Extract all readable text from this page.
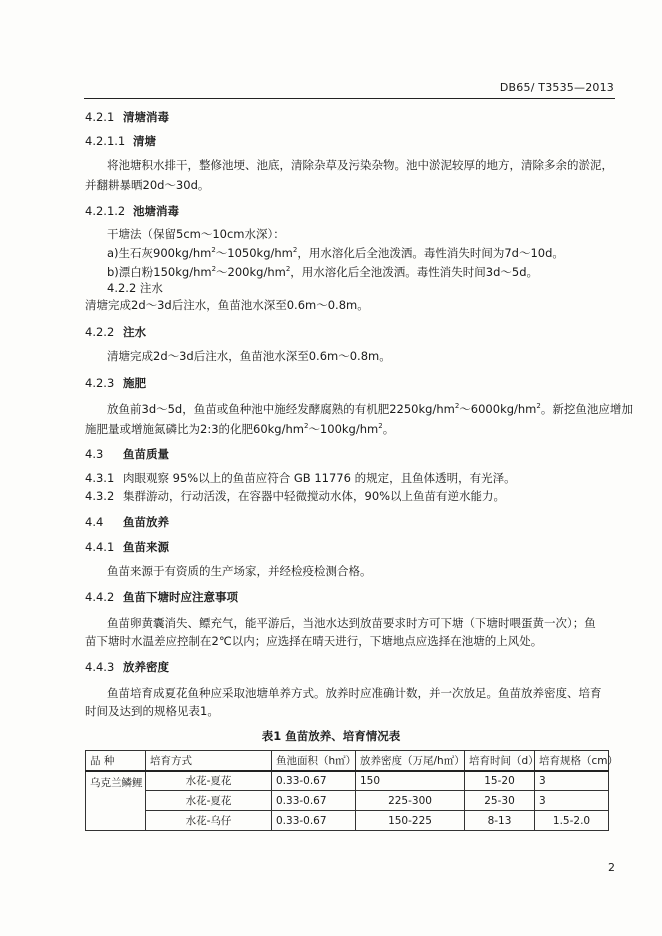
DB65/ T3535—2013
4.2.1 清塘消毒
4.2.1.1 清塘
将池塘积水排干，整修池埂、池底，清除杂草及污染杂物。池中淤泥较厚的地方，清除多余的淤泥，
并翻耕暴晒20d～30d。
4.2.1.2 池塘消毒
干塘法（保留5cm～10cm水深）：
a)生石灰$900kg/hm^2\sim 1050kg/hm^2$，用水溶化后全池泼洒。毒性消失时间为7d～10d。
b)漂白粉$150kg/hm^2\sim 200kg/hm^2$，用水溶化后全池泼洒。毒性消失时间3d～5d。
4.2.2 注水
清塘完成2d～3d后注水，鱼苗池水深至0.6m～0.8m。
4.2.2 注水
清塘完成2d～3d后注水，鱼苗池水深至0.6m～0.8m。
4.2.3 施肥
放鱼前3d～5d，鱼苗或鱼种池中施经发酵腐熟的有机肥$2250kg/hm^2\sim 6000kg/hm^2$。新挖鱼池应增加
施肥量或增施氮磷比为2:3的化肥$60kg/hm^2\sim 100kg/hm^2$。
4.3 鱼苗质量
4.3.1 肉眼观察 95%以上的鱼苗应符合 GB 11776 的规定，且鱼体透明，有光泽。
4.3.2 集群游动，行动活泼，在容器中轻微搅动水体，90%以上鱼苗有逆水能力。
4.4 鱼苗放养
4.4.1 鱼苗来源
鱼苗来源于有资质的生产场家，并经检疫检测合格。
4.4.2 鱼苗下塘时应注意事项
鱼苗卵黄囊消失、鳔充气，能平游后，当池水达到放苗要求时方可下塘（下塘时喂蛋黄一次）；鱼
苗下塘时水温差应控制在2℃以内；应选择在晴天进行，下塘地点应选择在池塘的上风处。
4.4.3 放养密度
鱼苗培育成夏花鱼种应采取池塘单养方式。放养时应准确计数，并一次放足。鱼苗放养密度、培育
时间及达到的规格见表1。
表1 鱼苗放养、培育情况表
品 种	培育方式	鱼池面积（h㎡）	放养密度（万尾/h㎡）	培育时间（d）	培育规格（cm）
乌克兰鳞鲤	水花-夏花	0.33-0.67	150	15-20	3
	水花-夏花	0.33-0.67	225-300	25-30	3
	水花-乌仔	0.33-0.67	150-225	8-13	1.5-2.0
2
